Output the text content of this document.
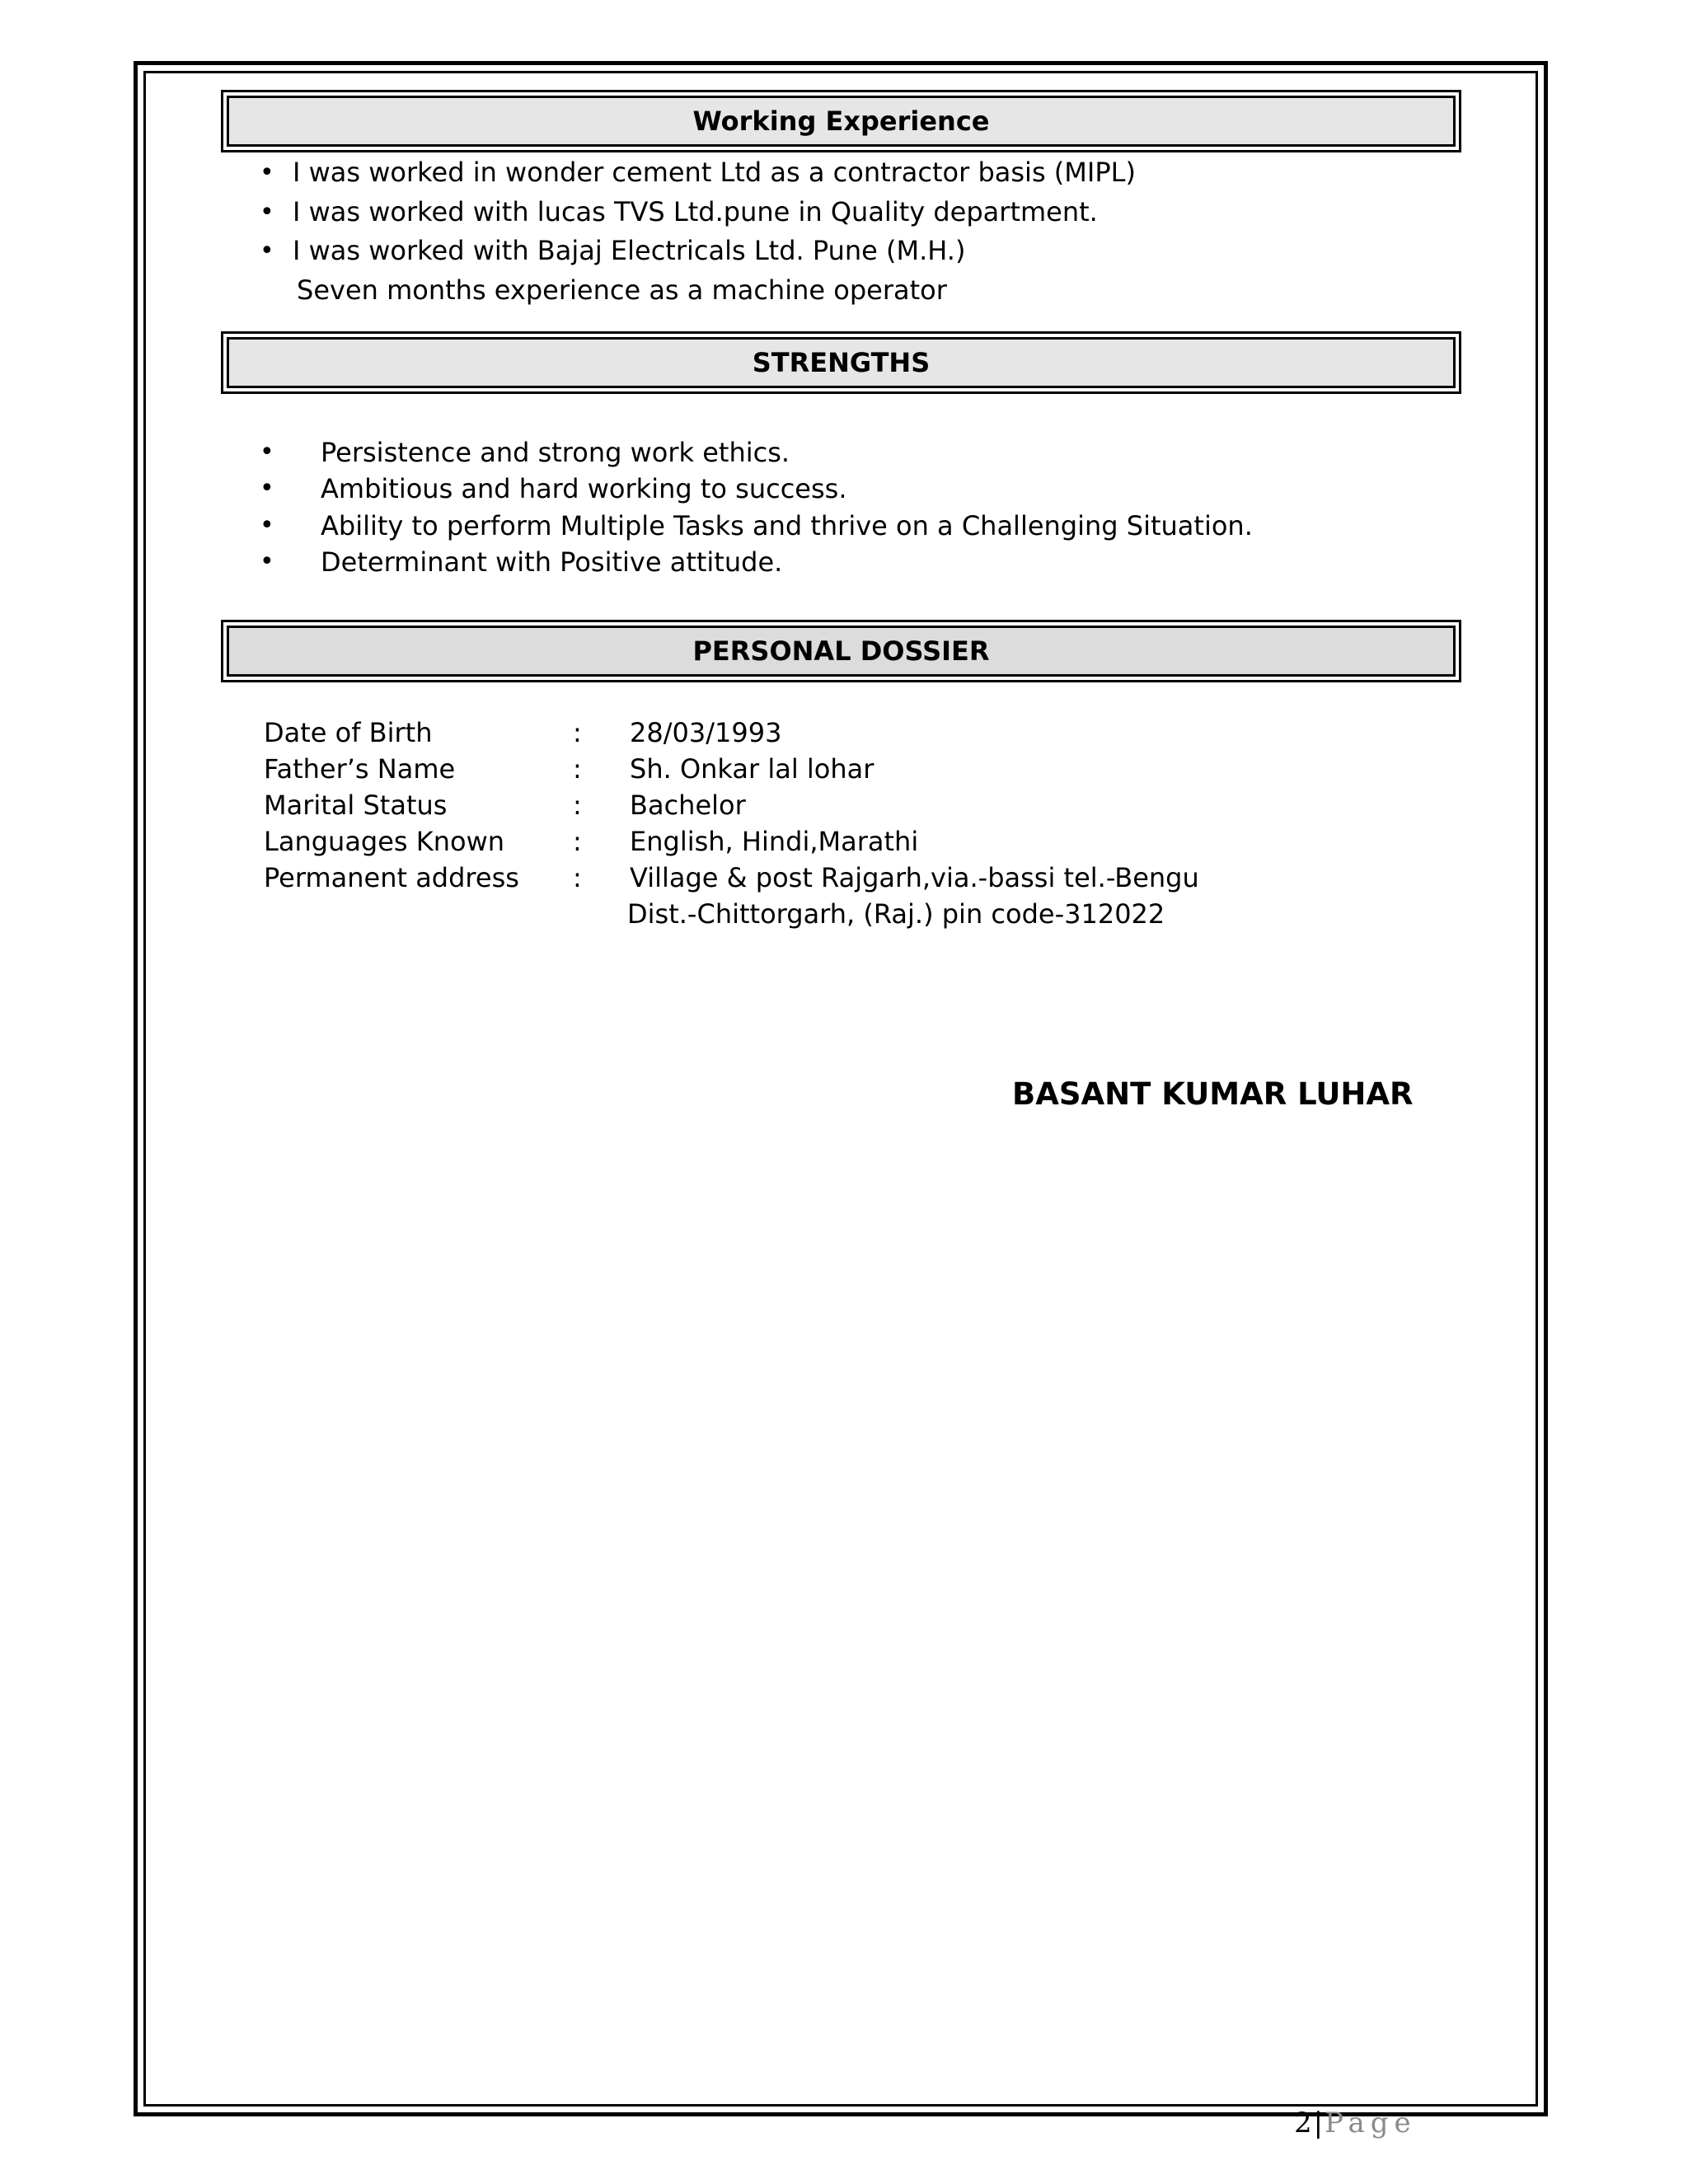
Working Experience
• I was worked in wonder cement Ltd as a contractor basis (MIPL)
• I was worked with lucas TVS Ltd.pune in Quality department.
• I was worked with Bajaj Electricals Ltd. Pune (M.H.)
Seven months experience as a machine operator
STRENGTHS
• Persistence and strong work ethics.
• Ambitious and hard working to success.
• Ability to perform Multiple Tasks and thrive on a Challenging Situation.
• Determinant with Positive attitude.
PERSONAL DOSSIER
Date of Birth	: 28/03/1993
Father’s Name	: Sh. Onkar lal lohar
Marital Status	: Bachelor
Languages Known	: English, Hindi,Marathi
Permanent address : Village & post Rajgarh,via.-bassi tel.-Bengu
Dist.-Chittorgarh, (Raj.) pin code-312022
BASANT KUMAR LUHAR
2|Page
